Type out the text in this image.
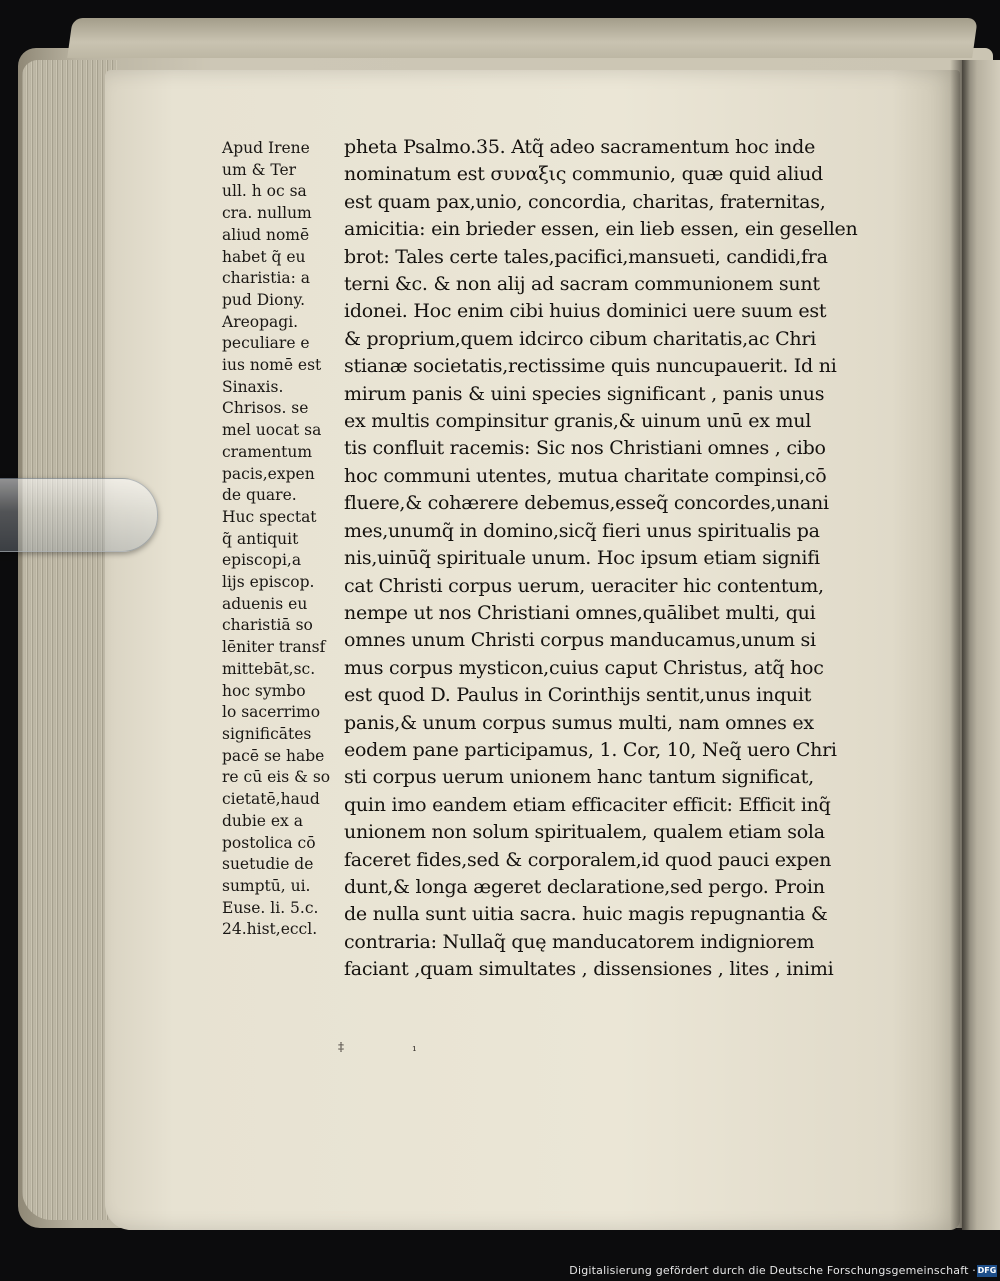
Apud Irene
um & Ter
ull. h oc sa
cra. nullum
aliud nomē
habet q̃ eu
charistia: a
pud Diony.
Areopagi.
peculiare e
ius nomē est
Sinaxis.
Chrisos. se
mel uocat sa
cramentum
pacis,expen
de quare.
Huc spectat
q̃ antiquit
episcopi,a
lijs episcop.
aduenis eu
charistiā so
lēniter transf
mittebāt,sc.
hoc symbo
lo sacerrimo
significātes
pacē se habe
re cū eis & so
cietatē,haud
dubie ex a
postolica cō
suetudie de
sumptū, ui.
Euse. li. 5.c.
24.hist,eccl.
pheta Psalmo.35. Atq̃ adeo sacramentum hoc inde
nominatum est συναξις communio, quæ quid aliud
est quam pax,unio, concordia, charitas, fraternitas,
amicitia: ein brieder essen, ein lieb essen, ein gesellen
brot: Tales certe tales,pacifici,mansueti, candidi,fra
terni &c. & non alij ad sacram communionem sunt
idonei. Hoc enim cibi huius dominici uere suum est
& proprium,quem idcirco cibum charitatis,ac Chri
stianæ societatis,rectissime quis nuncupauerit. Id ni
mirum panis & uini species significant , panis unus
ex multis compinsitur granis,& uinum unū ex mul
tis confluit racemis: Sic nos Christiani omnes , cibo
hoc communi utentes, mutua charitate compinsi,cō
fluere,& cohærere debemus,esseq̃ concordes,unani
mes,unumq̃ in domino,sicq̃ fieri unus spiritualis pa
nis,uinūq̃ spirituale unum. Hoc ipsum etiam signifi
cat Christi corpus uerum, ueraciter hic contentum,
nempe ut nos Christiani omnes,quālibet multi, qui
omnes unum Christi corpus manducamus,unum si
mus corpus mysticon,cuius caput Christus, atq̃ hoc
est quod D. Paulus in Corinthijs sentit,unus inquit
panis,& unum corpus sumus multi, nam omnes ex
eodem pane participamus, 1. Cor, 10, Neq̃ uero Chri
sti corpus uerum unionem hanc tantum significat,
quin imo eandem etiam efficaciter efficit: Efficit inq̃
unionem non solum spiritualem, qualem etiam sola
faceret fides,sed & corporalem,id quod pauci expen
dunt,& longa ægeret declaratione,sed pergo. Proin
de nulla sunt uitia sacra. huic magis repugnantia &
contraria: Nullaq̃ quę manducatorem indigniorem
faciant ,quam simultates , dissensiones , lites , inimi
‡	₁
Digitalisierung gefördert durch die Deutsche Forschungsgemeinschaft · DFG
